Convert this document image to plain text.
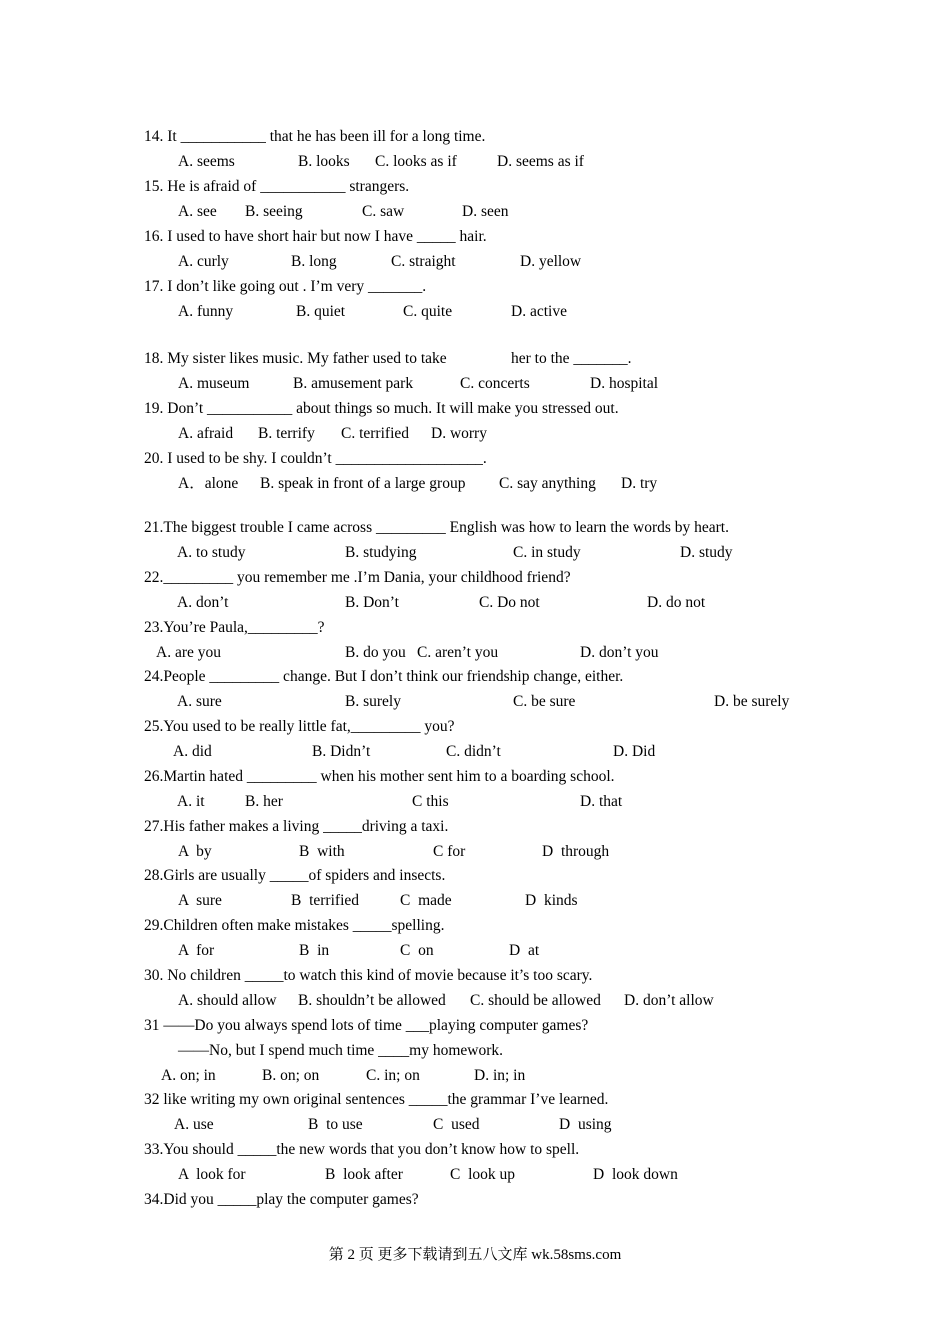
14. It ___________ that he has been ill for a long time.
A. seems	B. looks C. looks as if	D. seems as if
15. He is afraid of ___________ strangers.
A. see B. seeing	C. saw	D. seen
16. I used to have short hair but now I have _____ hair.
A. curly	B. long	C. straight	D. yellow
17. I don’t like going out . I’m very _______.
A. funny	B. quiet	C. quite	D. active
18. My sister likes music. My father used to take	her to the _______.
A. museum	B. amusement park	C. concerts	D. hospital
19. Don’t ___________ about things so much. It will make you stressed out.
A. afraid B. terrify C. terrified D. worry
20. I used to be shy. I couldn’t ___________________.
A．alone B. speak in front of a large group C. say anything D. try
21.The biggest trouble I came across _________ English was how to learn the words by heart.
A. to study	B. studying	C. in study	D. study
22._________ you remember me .I’m Dania, your childhood friend?
A. don’t	B. Don’t	C. Do not	D. do not
23.You’re Paula,_________?
A. are you	B. do you C. aren’t you	D. don’t you
24.People _________ change. But I don’t think our friendship change, either.
A. sure	B. surely	C. be sure	D. be surely
25.You used to be really little fat,_________ you?
A. did	B. Didn’t	C. didn’t	D. Did
26.Martin hated _________ when his mother sent him to a boarding school.
A. it	B. her	C this	D. that
27.His father makes a living _____driving a taxi.
A  by	B  with	C for	D  through
28.Girls are usually _____of spiders and insects.
A  sure	B  terrified	C  made	D  kinds
29.Children often make mistakes _____spelling.
A  for	B  in	C  on	D  at
30. No children _____to watch this kind of movie because it’s too scary.
A. should allow B. shouldn’t be allowed C. should be allowed D. don’t allow
31 ——Do you always spend lots of time ___playing computer games?
——No, but I spend much time ____my homework.
A. on; in	B. on; on	C. in; on	D. in; in
32 like writing my own original sentences _____the grammar I’ve learned.
A. use	B  to use	C  used	D  using
33.You should _____the new words that you don’t know how to spell.
A  look for	B  look after	C  look up	D  look down
34.Did you _____play the computer games?
第 2 页 更多下载请到五八文库 wk.58sms.com
